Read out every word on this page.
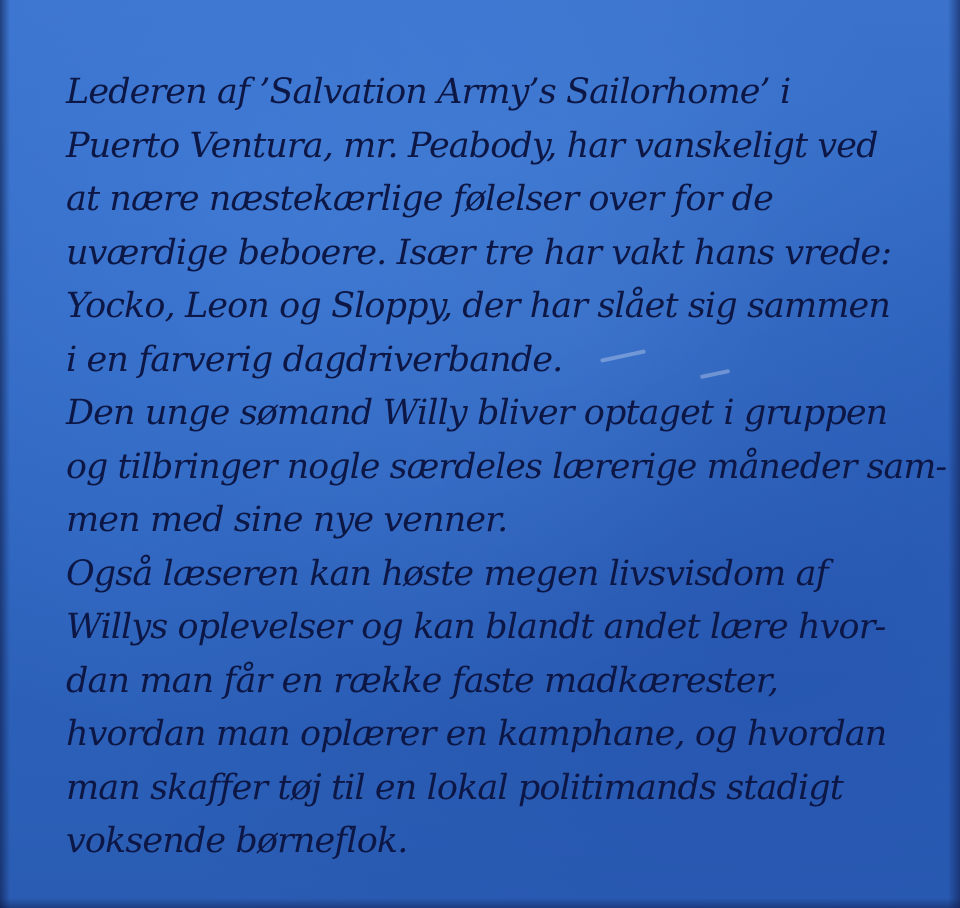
Lederen af ’Salvation Army’s Sailorhome’ i
Puerto Ventura, mr. Peabody, har vanskeligt ved
at nære næstekærlige følelser over for de
uværdige beboere. Især tre har vakt hans vrede:
Yocko, Leon og Sloppy, der har slået sig sammen
i en farverig dagdriverbande.
Den unge sømand Willy bliver optaget i gruppen
og tilbringer nogle særdeles lærerige måneder sam-
men med sine nye venner.
Også læseren kan høste megen livsvisdom af
Willys oplevelser og kan blandt andet lære hvor-
dan man får en række faste madkærester,
hvordan man oplærer en kamphane, og hvordan
man skaffer tøj til en lokal politimands stadigt
voksende børneflok.
